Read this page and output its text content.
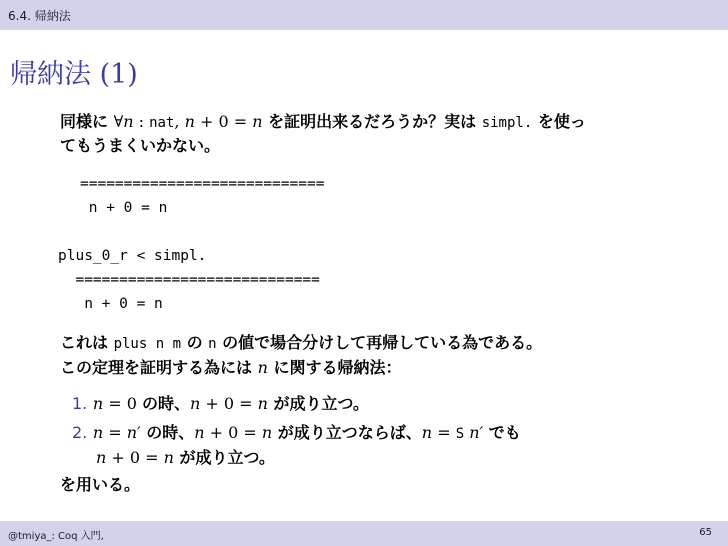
6.4. 帰納法
帰納法 (1)
同様に ∀n : nat, n + 0 = n を証明出来るだろうか？実は simpl. を使っ
てもうまくいかない。
============================
n + 0 = n
plus_0_r < simpl.
============================
n + 0 = n
これは plus n m の n の値で場合分けして再帰している為である。
この定理を証明する為には n に関する帰納法：
1. n = 0 の時、n + 0 = n が成り立つ。
2. n = n′ の時、n + 0 = n が成り立つならば、n = S n′ でも
n + 0 = n が成り立つ。
を用いる。
@tmiya_: Coq 入門,	65
